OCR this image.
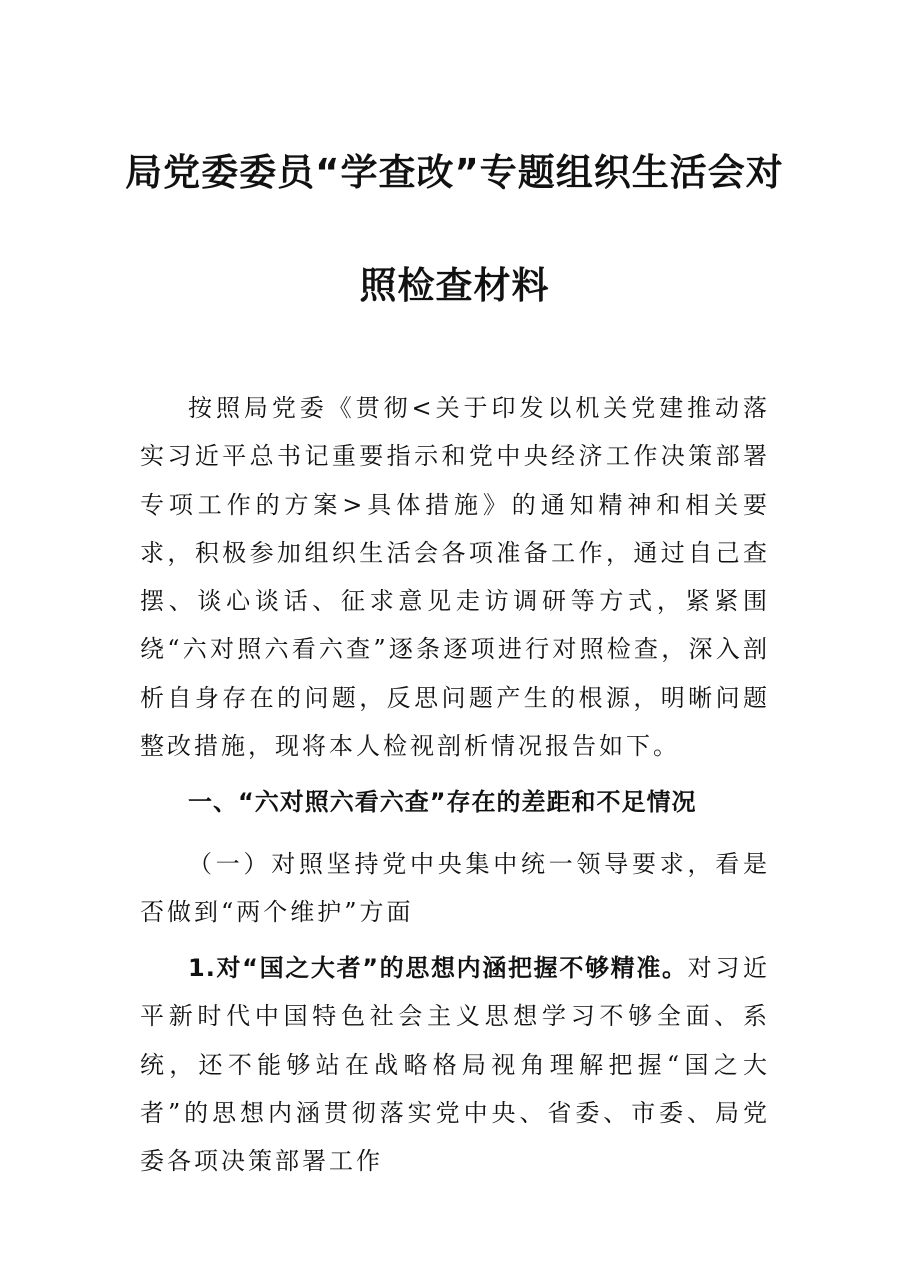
局党委委员“学查改”专题组织生活会对
照检查材料
按照局党委《贯彻<关于印发以机关党建推动落实习近平总书记重要指示和党中央经济工作决策部署专项工作的方案>具体措施》的通知精神和相关要求，积极参加组织生活会各项准备工作，通过自己查摆、谈心谈话、征求意见走访调研等方式，紧紧围绕“六对照六看六查”逐条逐项进行对照检查，深入剖析自身存在的问题，反思问题产生的根源，明晰问题整改措施，现将本人检视剖析情况报告如下。
一、“六对照六看六查”存在的差距和不足情况
（一）对照坚持党中央集中统一领导要求，看是否做到“两个维护”方面
1.对“国之大者”的思想内涵把握不够精准。对习近平新时代中国特色社会主义思想学习不够全面、系统，还不能够站在战略格局视角理解把握“国之大者”的思想内涵贯彻落实党中央、省委、市委、局党委各项决策部署工作
